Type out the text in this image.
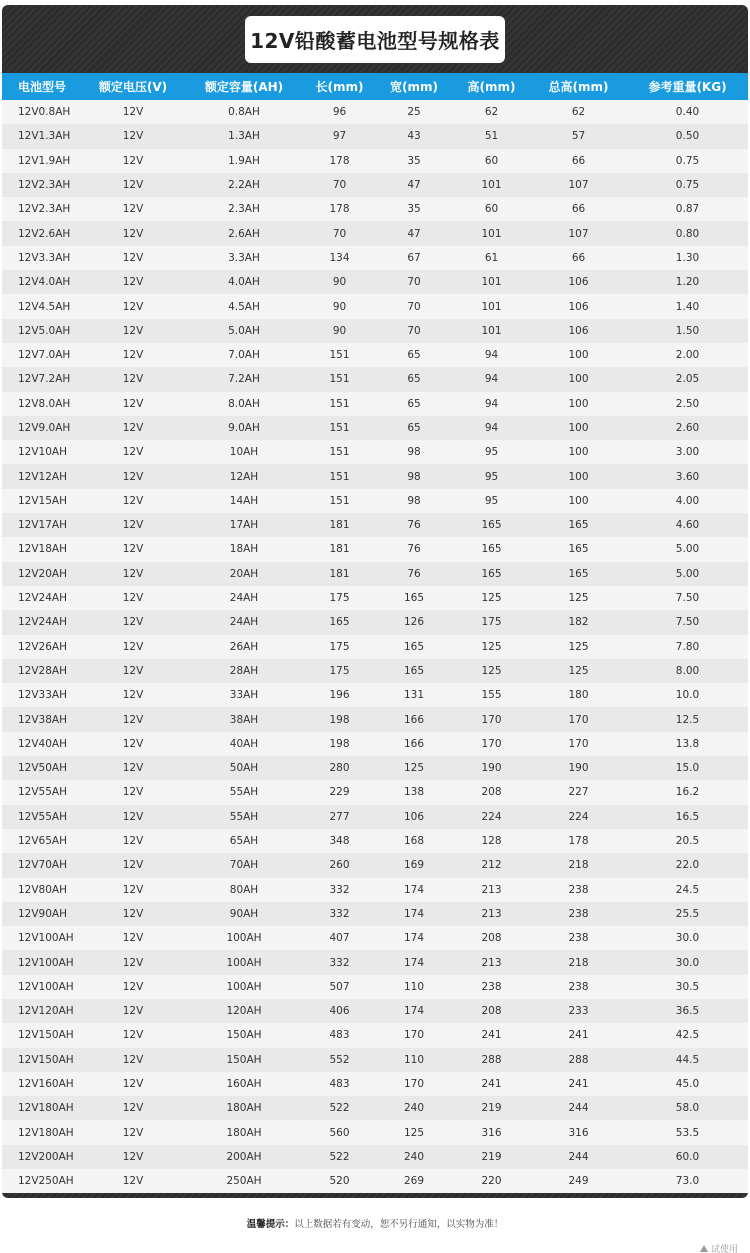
12V铅酸蓄电池型号规格表
电池型号	额定电压(V)	额定容量(AH)	长(mm)	宽(mm)	高(mm)	总高(mm)	参考重量(KG)
12V0.8AH	12V	0.8AH	96	25	62	62	0.40
12V1.3AH	12V	1.3AH	97	43	51	57	0.50
12V1.9AH	12V	1.9AH	178	35	60	66	0.75
12V2.3AH	12V	2.2AH	70	47	101	107	0.75
12V2.3AH	12V	2.3AH	178	35	60	66	0.87
12V2.6AH	12V	2.6AH	70	47	101	107	0.80
12V3.3AH	12V	3.3AH	134	67	61	66	1.30
12V4.0AH	12V	4.0AH	90	70	101	106	1.20
12V4.5AH	12V	4.5AH	90	70	101	106	1.40
12V5.0AH	12V	5.0AH	90	70	101	106	1.50
12V7.0AH	12V	7.0AH	151	65	94	100	2.00
12V7.2AH	12V	7.2AH	151	65	94	100	2.05
12V8.0AH	12V	8.0AH	151	65	94	100	2.50
12V9.0AH	12V	9.0AH	151	65	94	100	2.60
12V10AH	12V	10AH	151	98	95	100	3.00
12V12AH	12V	12AH	151	98	95	100	3.60
12V15AH	12V	14AH	151	98	95	100	4.00
12V17AH	12V	17AH	181	76	165	165	4.60
12V18AH	12V	18AH	181	76	165	165	5.00
12V20AH	12V	20AH	181	76	165	165	5.00
12V24AH	12V	24AH	175	165	125	125	7.50
12V24AH	12V	24AH	165	126	175	182	7.50
12V26AH	12V	26AH	175	165	125	125	7.80
12V28AH	12V	28AH	175	165	125	125	8.00
12V33AH	12V	33AH	196	131	155	180	10.0
12V38AH	12V	38AH	198	166	170	170	12.5
12V40AH	12V	40AH	198	166	170	170	13.8
12V50AH	12V	50AH	280	125	190	190	15.0
12V55AH	12V	55AH	229	138	208	227	16.2
12V55AH	12V	55AH	277	106	224	224	16.5
12V65AH	12V	65AH	348	168	128	178	20.5
12V70AH	12V	70AH	260	169	212	218	22.0
12V80AH	12V	80AH	332	174	213	238	24.5
12V90AH	12V	90AH	332	174	213	238	25.5
12V100AH	12V	100AH	407	174	208	238	30.0
12V100AH	12V	100AH	332	174	213	218	30.0
12V100AH	12V	100AH	507	110	238	238	30.5
12V120AH	12V	120AH	406	174	208	233	36.5
12V150AH	12V	150AH	483	170	241	241	42.5
12V150AH	12V	150AH	552	110	288	288	44.5
12V160AH	12V	160AH	483	170	241	241	45.0
12V180AH	12V	180AH	522	240	219	244	58.0
12V180AH	12V	180AH	560	125	316	316	53.5
12V200AH	12V	200AH	522	240	219	244	60.0
12V250AH	12V	250AH	520	269	220	249	73.0
温馨提示：以上数据若有变动，恕不另行通知，以实物为准！
试使用
